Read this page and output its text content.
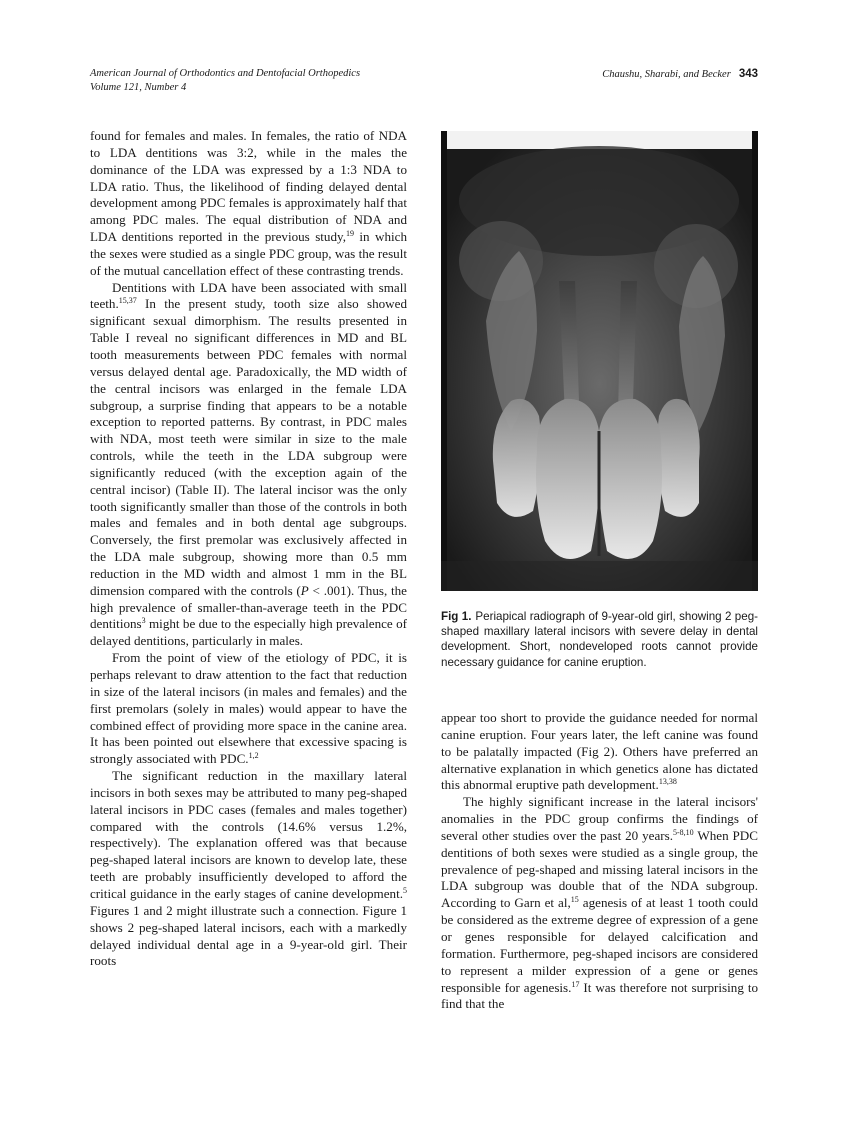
American Journal of Orthodontics and Dentofacial Orthopedics
Volume 121, Number 4
Chaushu, Sharabi, and Becker 343

found for females and males. In females, the ratio of NDA to LDA dentitions was 3:2, while in the males the dominance of the LDA was expressed by a 1:3 NDA to LDA ratio. Thus, the likelihood of finding delayed dental development among PDC females is approximately half that among PDC males. The equal distribution of NDA and LDA dentitions reported in the previous study,$^{19}$ in which the sexes were studied as a single PDC group, was the result of the mutual cancellation effect of these contrasting trends.

Dentitions with LDA have been associated with small teeth.$^{15,37}$ In the present study, tooth size also showed significant sexual dimorphism. The results presented in Table I reveal no significant differences in MD and BL tooth measurements between PDC females with normal versus delayed dental age. Paradoxically, the MD width of the central incisors was enlarged in the female LDA subgroup, a surprise finding that appears to be a notable exception to reported patterns. By contrast, in PDC males with NDA, most teeth were similar in size to the male controls, while the teeth in the LDA subgroup were significantly reduced (with the exception again of the central incisor) (Table II). The lateral incisor was the only tooth significantly smaller than those of the controls in both males and females and in both dental age subgroups. Conversely, the first premolar was exclusively affected in the LDA male subgroup, showing more than 0.5 mm reduction in the MD width and almost 1 mm in the BL dimension compared with the controls (P < .001). Thus, the high prevalence of smaller-than-average teeth in the PDC dentitions$^3$ might be due to the especially high prevalence of delayed dentitions, particularly in males.

From the point of view of the etiology of PDC, it is perhaps relevant to draw attention to the fact that reduction in size of the lateral incisors (in males and females) and the first premolars (solely in males) would appear to have the combined effect of providing more space in the canine area. It has been pointed out elsewhere that excessive spacing is strongly associated with PDC.$^{1,2}$

The significant reduction in the maxillary lateral incisors in both sexes may be attributed to many peg-shaped lateral incisors in PDC cases (females and males together) compared with the controls (14.6% versus 1.2%, respectively). The explanation offered was that because peg-shaped lateral incisors are known to develop late, these teeth are probably insufficiently developed to afford the critical guidance in the early stages of canine development.$^5$ Figures 1 and 2 might illustrate such a connection. Figure 1 shows 2 peg-shaped lateral incisors, each with a markedly delayed individual dental age in a 9-year-old girl. Their roots

Fig 1. Periapical radiograph of 9-year-old girl, showing 2 peg-shaped maxillary lateral incisors with severe delay in dental development. Short, nondeveloped roots cannot provide necessary guidance for canine eruption.

appear too short to provide the guidance needed for normal canine eruption. Four years later, the left canine was found to be palatally impacted (Fig 2). Others have preferred an alternative explanation in which genetics alone has dictated this abnormal eruptive path development.$^{13,38}$

The highly significant increase in the lateral incisors' anomalies in the PDC group confirms the findings of several other studies over the past 20 years.$^{5-8,10}$ When PDC dentitions of both sexes were studied as a single group, the prevalence of peg-shaped and missing lateral incisors in the LDA subgroup was double that of the NDA subgroup. According to Garn et al,$^{15}$ agenesis of at least 1 tooth could be considered as the extreme degree of expression of a gene or genes responsible for delayed calcification and formation. Furthermore, peg-shaped incisors are considered to represent a milder expression of a gene or genes responsible for agenesis.$^{17}$ It was therefore not surprising to find that the
